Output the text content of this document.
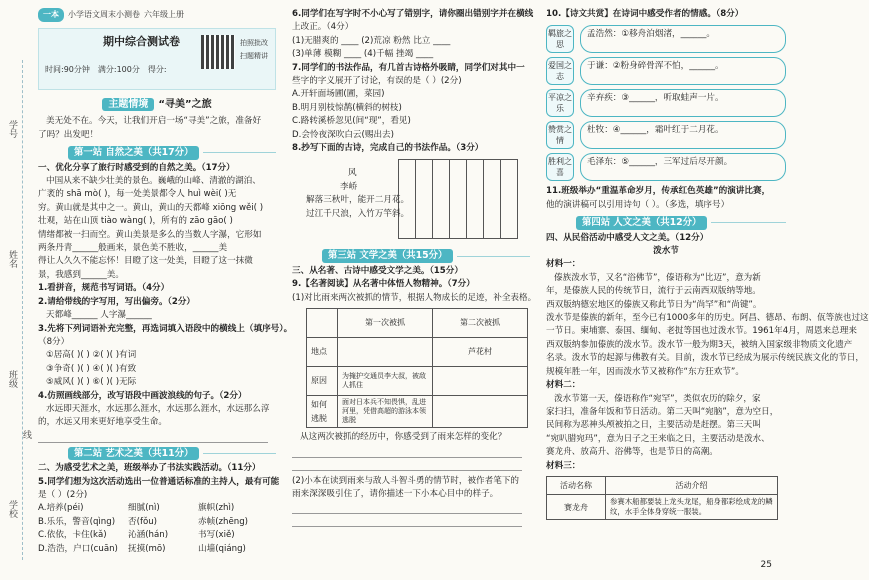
学号
姓名
班级
线
学校
一本	小学语文周末小测卷 六年级上册
期中综合测试卷
时间:90分钟 满分:100分 得分:
拍照批改 扫题精讲
主题情境 “寻美”之旅
美无处不在。今天，让我们开启一场“寻美”之旅，准备好
了吗？出发吧！
第一站 自然之美（共17分）
一、优化分享了旅行时感受到的自然之美。（17分）
中国从来不缺少壮美的景色。巍峨的山峰、清澈的湖泊、
广袤的 shā mò( )，每一处美景都令人 huì wèi( )无
穷。黄山就是其中之一。黄山，黄山的天都峰 xiōng wěi( )
壮观，站在山顶 tiào wàng( )，所有的 zāo gāo( )
情绪都被一扫而空。黄山美景是多么的当数人字瀑，它形如
两条丹青______般画来，景色美不胜收，______美
得让人久久不能忘怀！目瞪了这一处美，目瞪了这一抹微
景，我感到______美。
1.看拼音，规范书写词语。（4分）
2.请给带线的字写用，写出偏旁。（2分）
天都峰______ 人字瀑______
3.先将下列词语补充完整，再选词填入语段中的横线上（填序号）。
（8分）
①居高( )( ) ②( )( )有词
③争奇( )( ) ④( )( )有致
⑤威风( )( ) ⑥( )( )无际
4.仿照画线部分，改写语段中画波浪线的句子。（2分）
水远即天涯水，水远那么涯水，水远那么涯水，水远那么淳
的，水远又用来更好地享受生命。
第二站 艺术之美（共11分）
二、为感受艺术之美，班级举办了书法实践活动。（11分）
5.同学们想为这次活动选出一位普通话标准的主持人，最有可能
是（ ）(2分)
A.培养(péi)	细腻(nì)	旗帜(zhì)
B.乐乐，警音(qìng) 否(fǒu)	赤帧(zhēng)
C.依依，卡住(kǎ) 沁涵(hán)	书写(xiě)
D.浩浩，户口(cuān) 抚摸(mō)	山墙(qiáng)
6.同学们在写字时不小心写了错别字，请你圈出错别字并在横线
上改正。（4分）
(1)无腊爽的 ____ (2)荒凉 粉然 比立 ____
(3)单薄 模糊 ____ (4)千幅 挫竭 ____
7.同学们的书法作品，有几首古诗格外吸睛，同学们对其中一
些字的字义展开了讨论，有误的是（ ）(2分)
A.开轩面场圃(圃，菜园)
B.明月别枝惊鹊(横斜的树枝)
C.路转溪桥忽见(间“现”，看见)
D.会怜夜深吹白云(赐出去)
8.抄写下面的古诗，完成自己的书法作品。（3分）
风
李峤
解落三秋叶，能开二月花。
过江千尺浪，入竹万竿斜。
第三站 文学之美（共15分）
三、从名著、古诗中感受文学之美。（15分）
9.【名著阅读】从名著中体悟人物精神。（7分）
(1)对比雨来两次被抓的情节，根据人物成长的足迹，补全表格。
	第一次被抓	第二次被抓
地点		芦花村
原因	为掩护交通员李大叔，被敌人抓住	
如何逃脱	面对日本兵不知畏惧，乱进河里，凭借高超的游泳本领逃脱	
从这两次被抓的经历中，你感受到了雨来怎样的变化？
(2)小本在读到雨来与敌人斗智斗勇的情节时，被作者笔下的
雨来深深吸引住了，请你描述一下小本心目中的样子。
10.【诗文共赏】在诗词中感受作者的情感。（8分）
羁旅之思
孟浩然：①移舟泊烟渚，______。
爱国之志
于谦：②粉身碎骨浑不怕，______。
平凉之乐
辛弃疾：③______，听取蛙声一片。
赞赏之情
杜牧：④______，霜叶红于二月花。
胜利之喜
毛泽东：⑤______，三军过后尽开颜。
11.班级举办“重温革命岁月，传承红色英雄”的演讲比赛，
他的演讲稿可以引用诗句（ ）。（多选，填序号）
第四站 人文之美（共12分）
四、从民俗活动中感受人文之美。（12分）
泼水节
材料一：
傣族泼水节，又名“浴佛节”，傣语称为“比迈”，意为新
年，是傣族人民的传统节日，流行于云南西双版纳等地。
西双版纳德宏地区的傣族又称此节日为“尚罕”和“尚键”。
泼水节是傣族的新年，至今已有1000多年的历史。阿昌、德昂、布朗、佤等族也过这
一节日。柬埔寨、泰国、缅甸、老挝等国也过泼水节。1961年4月，周恩来总理来
西双版纳参加傣族的泼水节。泼水节一般为期3天，被纳入国家级非物质文化遗产
名录。泼水节的起源与佛教有关。目前，泼水节已经成为展示传统民族文化的节日，
规模年胜一年，因而泼水节又被称作“东方狂欢节”。
材料二：
泼水节第一天，傣语称作“宛罕”，类似农历的除夕，家
家扫扫，准备年饭和节日活动。第二天叫“宛脑”，意为空日，
民间称为恶神头颅被拍之日，主要活动是赶摆。第三天叫
“宛叭腊宛玛”，意为日子之王来临之日，主要活动是泼水、
赛龙舟、放高升、浴佛等，也是节日的高潮。
材料三：
活动名称	活动介绍
赛龙舟	参赛木船都要装上龙头龙尾，船身都彩绘成龙的鳞纹，水手全体身穿统一服装。
25
